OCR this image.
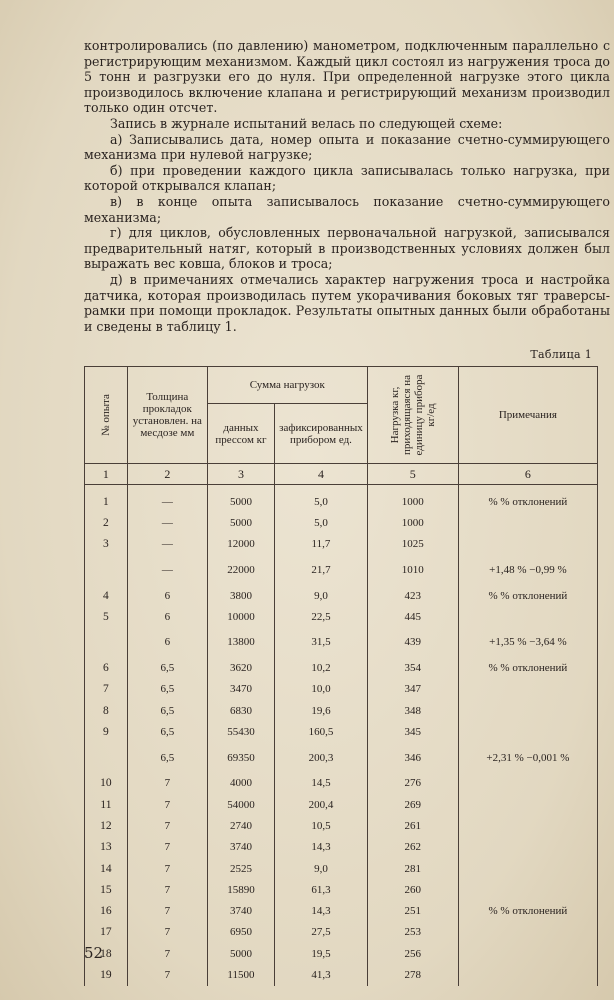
контролировались (по давлению) манометром, подключенным параллельно с регистрирующим механизмом. Каждый цикл состоял из нагружения троса до 5 тонн и разгрузки его до нуля. При определенной нагрузке этого цикла производилось включение клапана и регистрирующий механизм производил только один отсчет.

Запись в журнале испытаний велась по следующей схеме:

а) Записывались дата, номер опыта и показание счетно-суммирующего механизма при нулевой нагрузке;

б) при проведении каждого цикла записывалась только нагрузка, при которой открывался клапан;

в) в конце опыта записывалось показание счетно-суммирующего механизма;

г) для циклов, обусловленных первоначальной нагрузкой, записывался предварительный натяг, который в производственных условиях должен был выражать вес ковша, блоков и троса;

д) в примечаниях отмечались характер нагружения троса и настройка датчика, которая производилась путем укорачивания боковых тяг траверсы-рамки при помощи прокладок. Результаты опытных данных были обработаны и сведены в таблицу 1.

Таблица 1
№ опыта	Толщина прокладок установлен. на месдозе мм	Сумма нагрузок		Нагрузка кг, приходящаяся на единицу прибора кг/ед	Примечания
		данных прессом кг	зафиксированных прибором ед.		
1	2	3	4	5	6
1	—	5000	5,0	1000	% % отклонений
2	—	5000	5,0	1000	
3	—	12000	11,7	1025	
	—	22000	21,7	1010	+1,48 % −0,99 %
4	6	3800	9,0	423	% % отклонений
5	6	10000	22,5	445	
	6	13800	31,5	439	+1,35 % −3,64 %
6	6,5	3620	10,2	354	% % отклонений
7	6,5	3470	10,0	347	
8	6,5	6830	19,6	348	
9	6,5	55430	160,5	345	
	6,5	69350	200,3	346	+2,31 % −0,001 %
10	7	4000	14,5	276	
11	7	54000	200,4	269	
12	7	2740	10,5	261	
13	7	3740	14,3	262	
14	7	2525	9,0	281	
15	7	15890	61,3	260	
16	7	3740	14,3	251	% % отклонений
17	7	6950	27,5	253	
18	7	5000	19,5	256	
19	7	11500	41,3	278	
52
